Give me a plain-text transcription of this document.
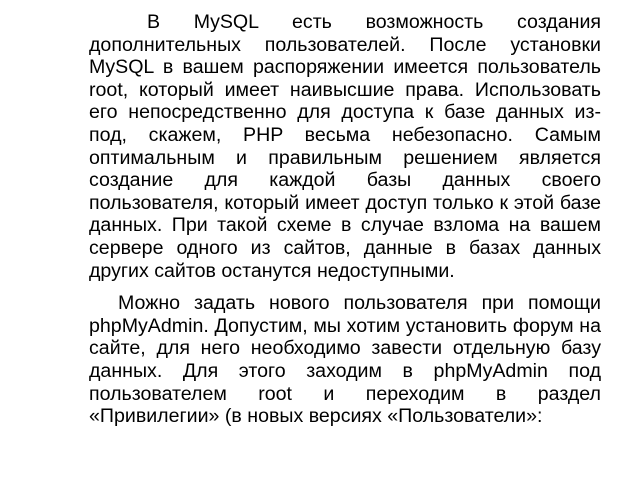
В MySQL есть возможность создания дополнительных пользователей. После установки MySQL в вашем распоряжении имеется пользователь root, который имеет наивысшие права. Использовать его непосредственно для доступа к базе данных из-под, скажем, PHP весьма небезопасно. Самым оптимальным и правильным решением является создание для каждой базы данных своего пользователя, который имеет доступ только к этой базе данных. При такой схеме в случае взлома на вашем сервере одного из сайтов, данные в базах данных других сайтов останутся недоступными.

Можно задать нового пользователя при помощи phpMyAdmin. Допустим, мы хотим установить форум на сайте, для него необходимо завести отдельную базу данных. Для этого заходим в phpMyAdmin под пользователем root и переходим в раздел «Привилегии» (в новых версиях «Пользователи»:
